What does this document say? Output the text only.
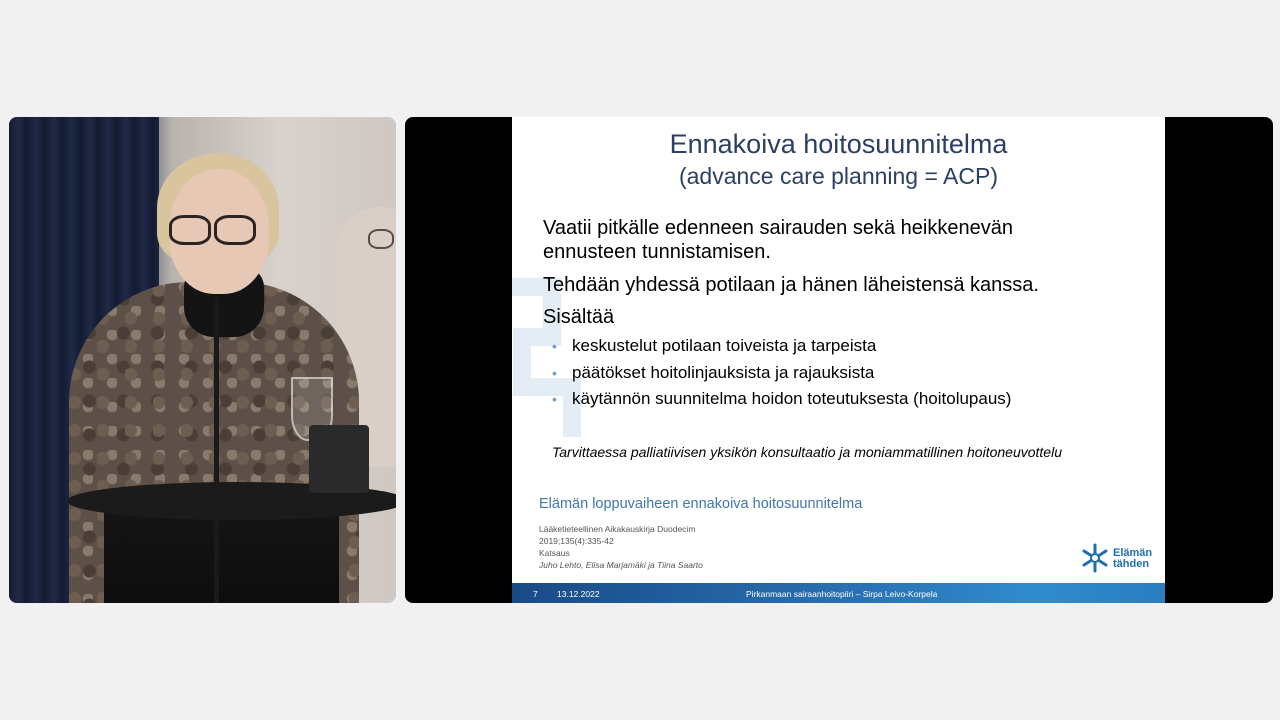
Ennakoiva hoitosuunnitelma
(advance care planning = ACP)

Vaatii pitkälle edenneen sairauden sekä heikkenevän ennusteen tunnistamisen.

Tehdään yhdessä potilaan ja hänen läheistensä kanssa.

Sisältää

• keskustelut potilaan toiveista ja tarpeista
• päätökset hoitolinjauksista ja rajauksista
• käytännön suunnitelma hoidon toteutuksesta (hoitolupaus)
Tarvittaessa palliatiivisen yksikön konsultaatio ja moniammatillinen hoitoneuvottelu
Elämän loppuvaiheen ennakoiva hoitosuunnitelma
Lääketieteellinen Aikakauskirja Duodecim
2019;135(4):335-42
Katsaus
Juho Lehto, Elisa Marjamäki ja Tiina Saarto
Elämän
tähden
7 13.12.2022	Pirkanmaan sairaanhoitopiiri – Sirpa Leivo-Korpela
